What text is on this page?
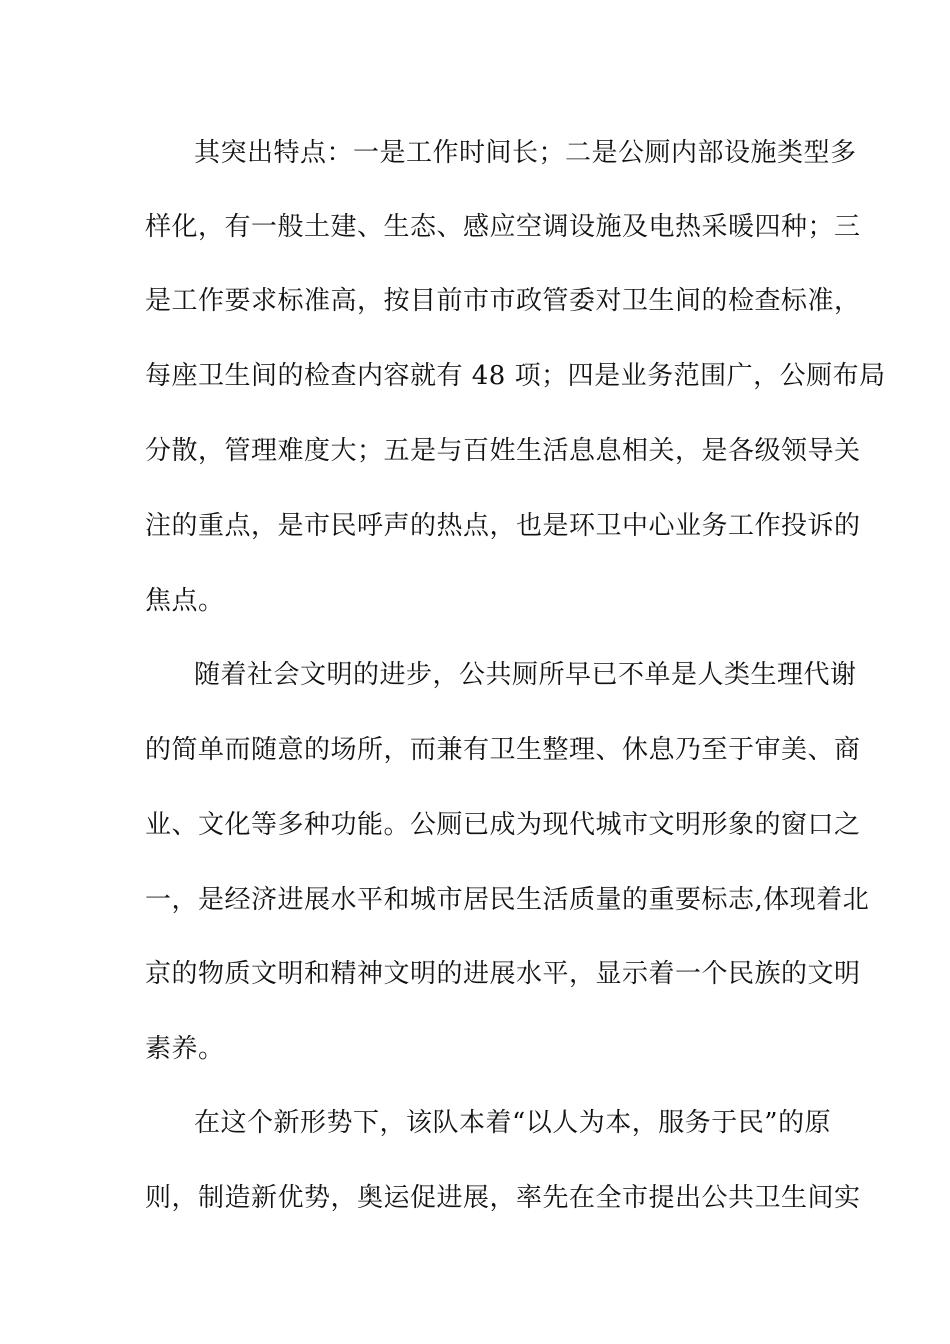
其突出特点：一是工作时间长；二是公厕内部设施类型多
样化，有一般土建、生态、感应空调设施及电热采暖四种；三
是工作要求标准高，按目前市市政管委对卫生间的检查标准，
每座卫生间的检查内容就有 48 项；四是业务范围广，公厕布局
分散，管理难度大；五是与百姓生活息息相关，是各级领导关
注的重点，是市民呼声的热点，也是环卫中心业务工作投诉的
焦点。
随着社会文明的进步，公共厕所早已不单是人类生理代谢
的简单而随意的场所，而兼有卫生整理、休息乃至于审美、商
业、文化等多种功能。公厕已成为现代城市文明形象的窗口之
一，是经济进展水平和城市居民生活质量的重要标志,体现着北
京的物质文明和精神文明的进展水平，显示着一个民族的文明
素养。
在这个新形势下，该队本着“以人为本，服务于民”的原
则，制造新优势，奥运促进展，率先在全市提出公共卫生间实
